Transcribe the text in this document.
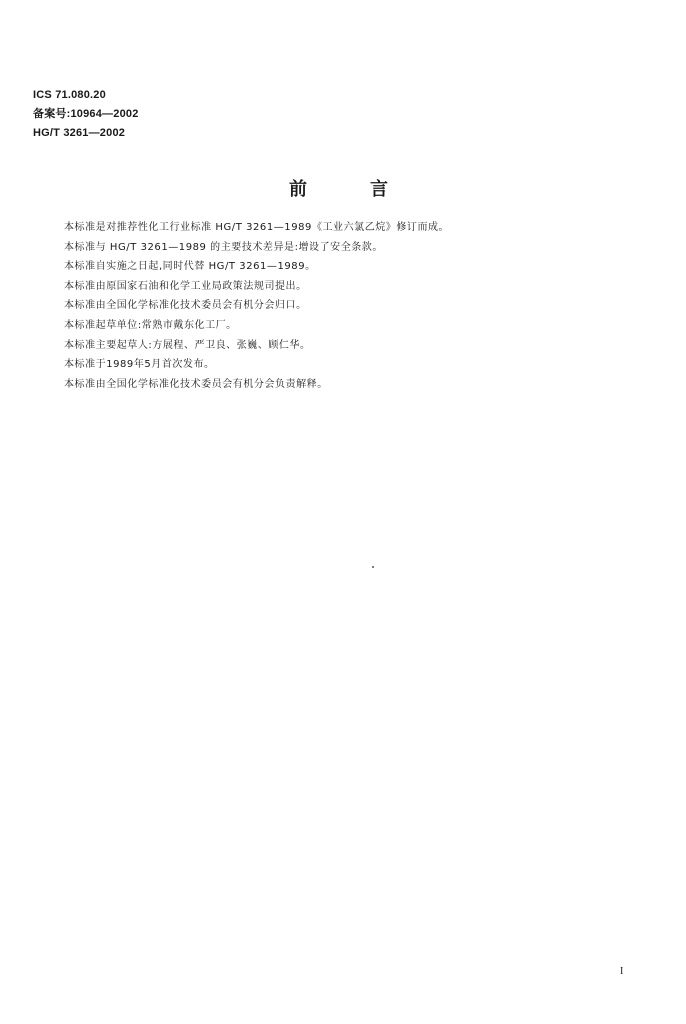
ICS 71.080.20
备案号:10964—2002
HG/T 3261—2002
前	言
本标准是对推荐性化工行业标准 HG/T 3261—1989《工业六氯乙烷》修订而成。
本标准与 HG/T 3261—1989 的主要技术差异是:增设了安全条款。
本标准自实施之日起,同时代替 HG/T 3261—1989。
本标准由原国家石油和化学工业局政策法规司提出。
本标准由全国化学标准化技术委员会有机分会归口。
本标准起草单位:常熟市戴东化工厂。
本标准主要起草人:方展程、严卫良、张巍、顾仁华。
本标准于1989年5月首次发布。
本标准由全国化学标准化技术委员会有机分会负责解释。
I
